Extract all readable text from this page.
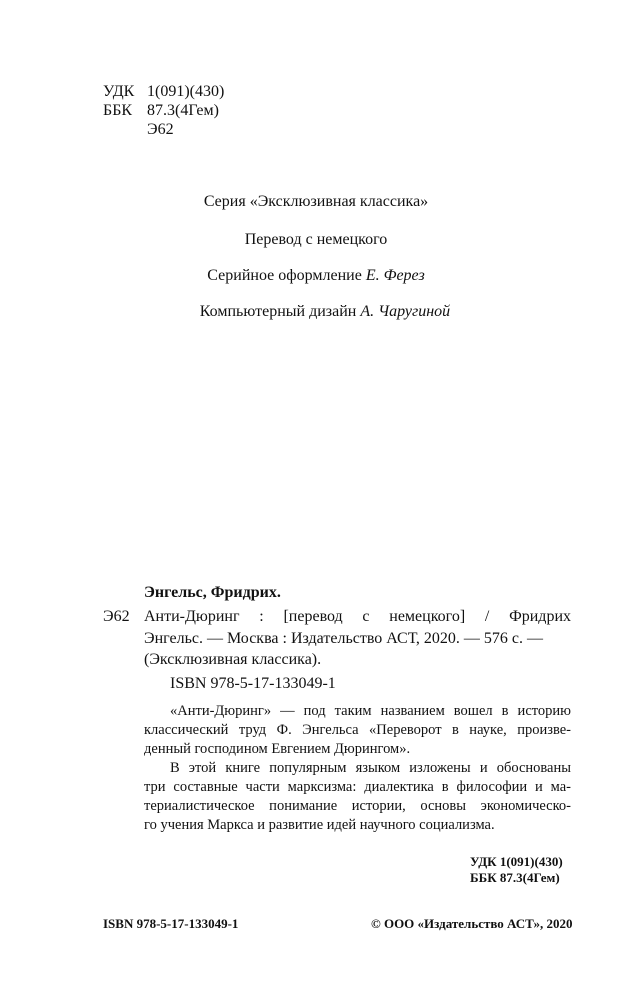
УДК 1(091)(430)
ББК 87.3(4Гем)
Э62
Серия «Эксклюзивная классика»
Перевод с немецкого
Серийное оформление Е. Ферез
Компьютерный дизайн А. Чаругиной
Энгельс, Фридрих.
Э62 Анти-Дюринг : [перевод с немецкого] / Фридрих
Энгельс. — Москва : Издательство АСТ, 2020. — 576 с. —
(Эксклюзивная классика).
ISBN 978-5-17-133049-1
«Анти-Дюринг» — под таким названием вошел в историю
классический труд Ф. Энгельса «Переворот в науке, произве-
денный господином Евгением Дюрингом».
В этой книге популярным языком изложены и обоснованы
три составные части марксизма: диалектика в философии и ма-
териалистическое понимание истории, основы экономическо-
го учения Маркса и развитие идей научного социализма.
УДК 1(091)(430)
ББК 87.3(4Гем)
ISBN 978-5-17-133049-1	© ООО «Издательство АСТ», 2020
